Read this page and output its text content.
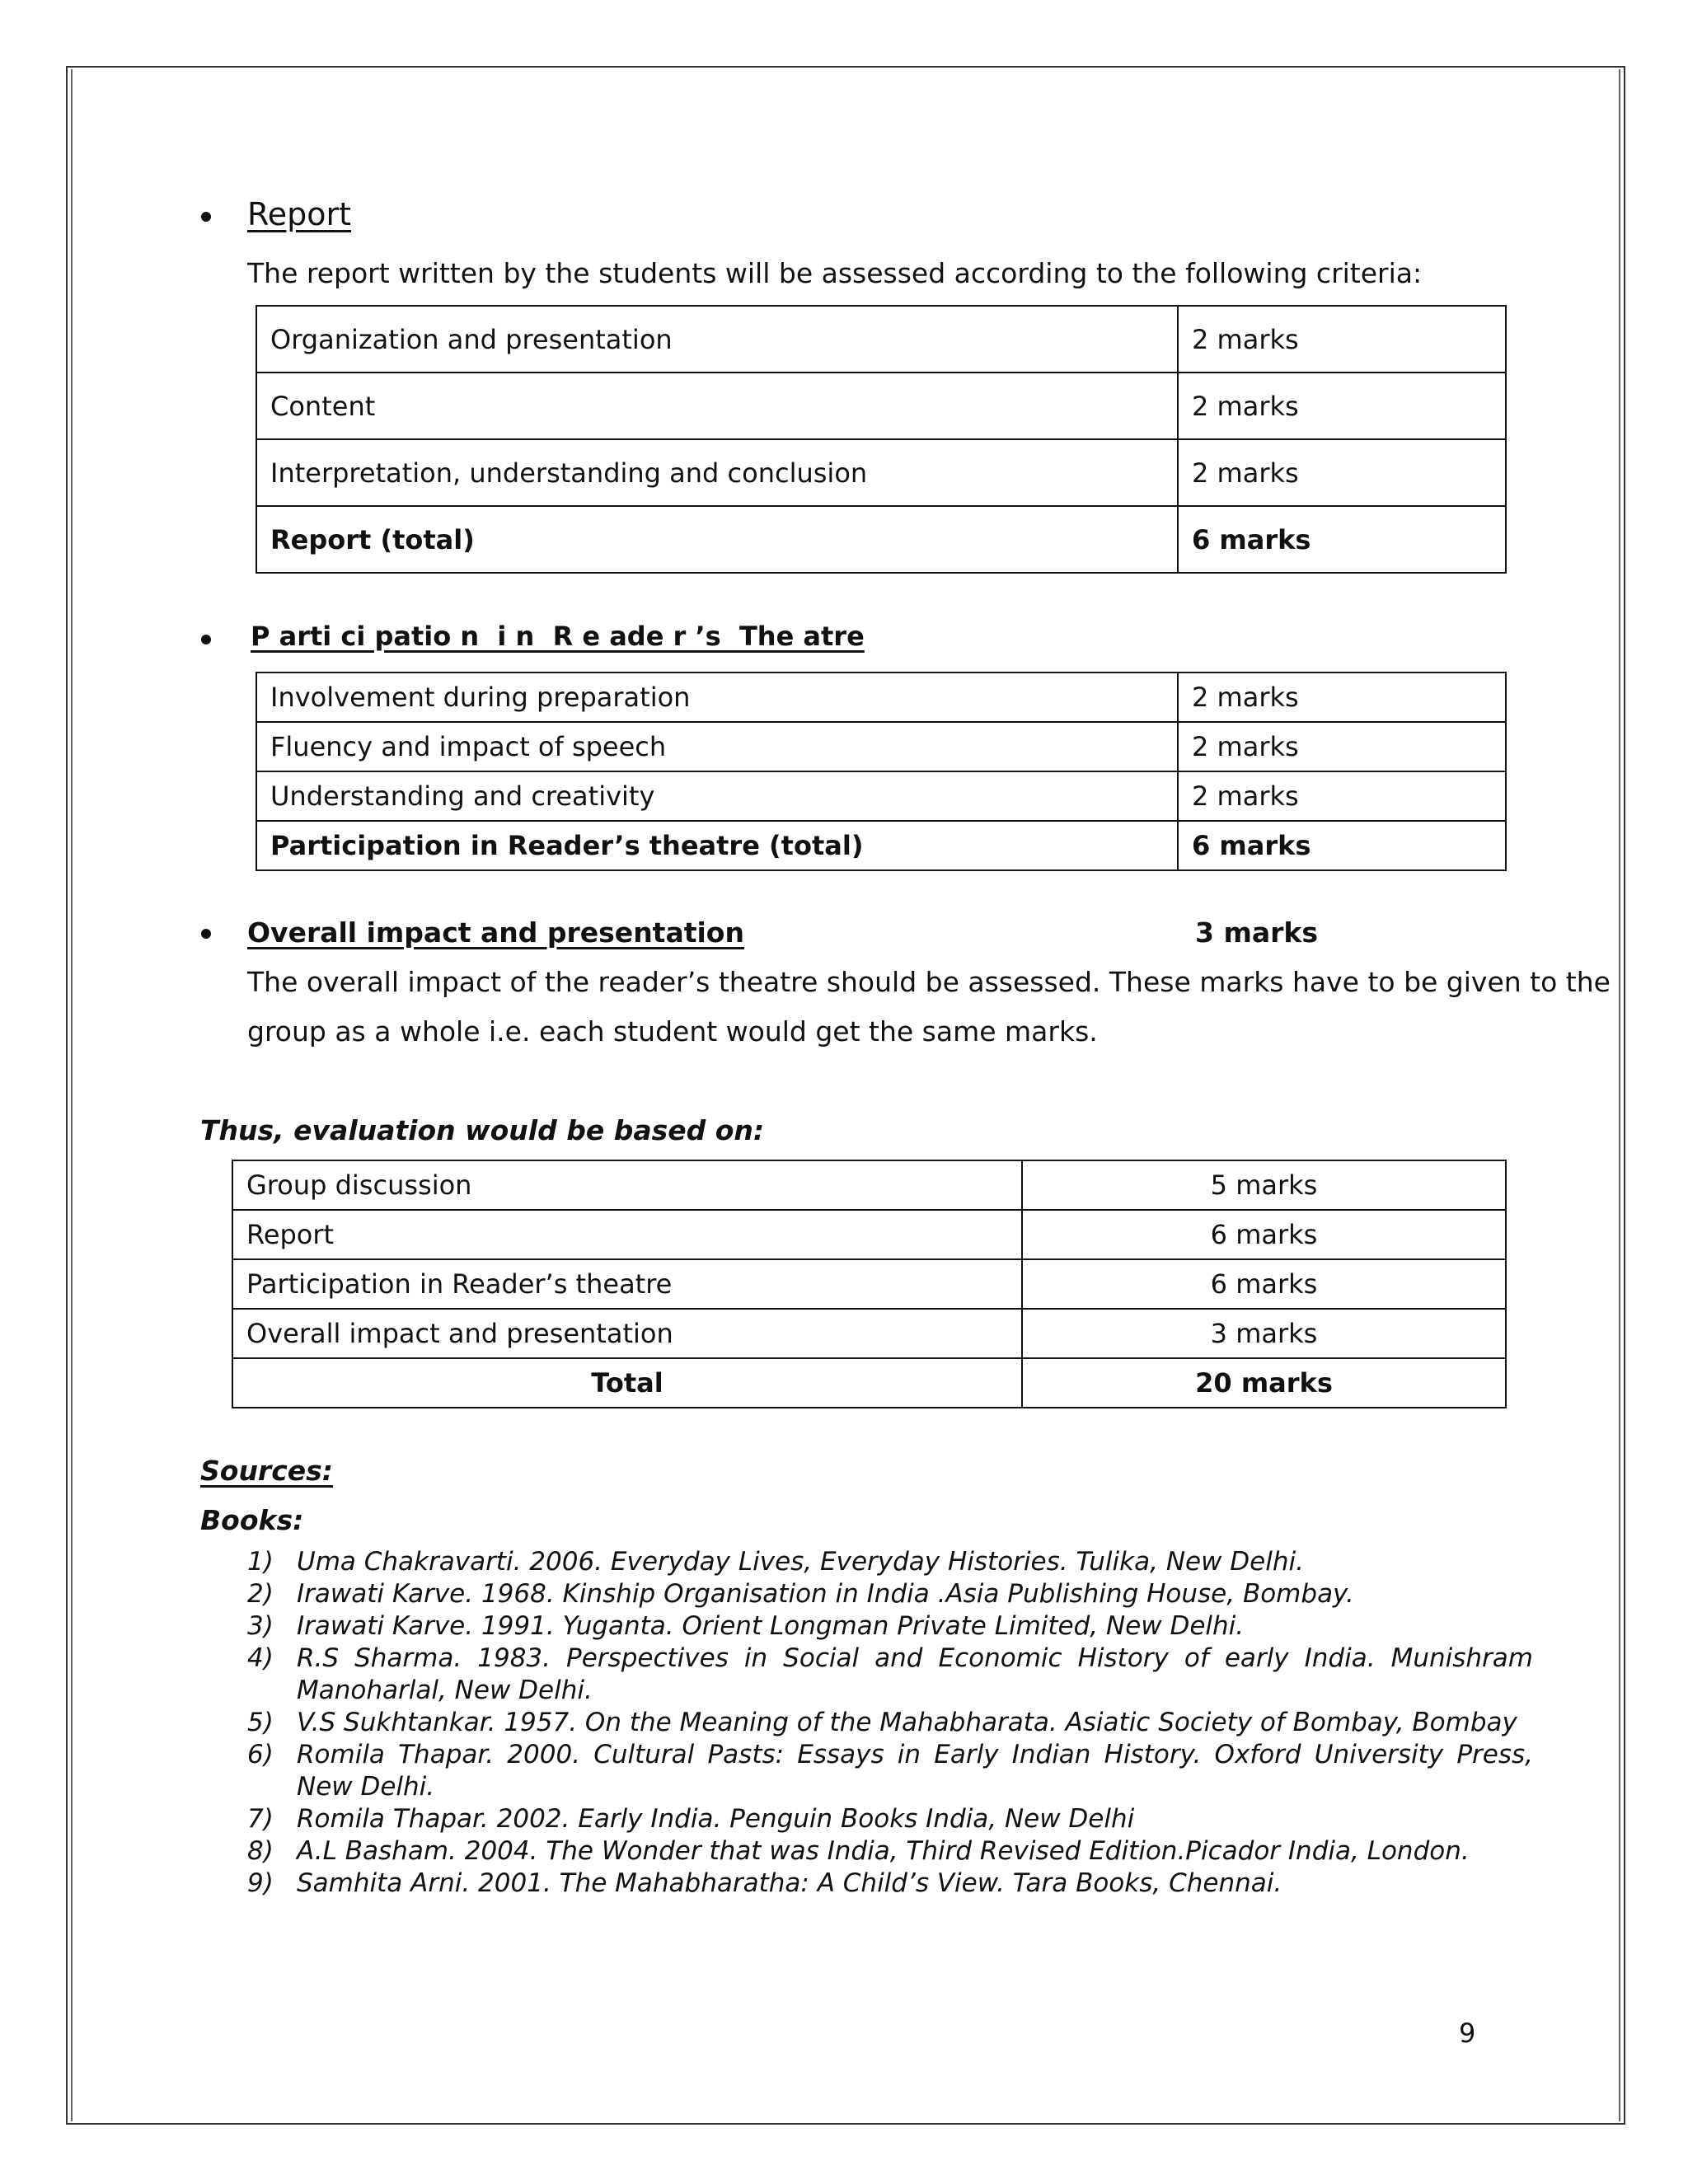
Report
The report written by the students will be assessed according to the following criteria:
Organization and presentation	2 marks
Content	2 marks
Interpretation, understanding and conclusion	2 marks
Report (total)	6 marks
P arti ci patio n  i n  R e ade r ’s  The atre
Involvement during preparation	2 marks
Fluency and impact of speech	2 marks
Understanding and creativity	2 marks
Participation in Reader’s theatre (total)	6 marks
Overall impact and presentation	3 marks
The overall impact of the reader’s theatre should be assessed. These marks have to be given to the
group as a whole i.e. each student would get the same marks.
Thus, evaluation would be based on:
Group discussion	5 marks
Report	6 marks
Participation in Reader’s theatre	6 marks
Overall impact and presentation	3 marks
Total	20 marks
Sources:
Books:
Uma Chakravarti. 2006. Everyday Lives, Everyday Histories. Tulika, New Delhi.
Irawati Karve. 1968. Kinship Organisation in India .Asia Publishing House, Bombay.
Irawati Karve. 1991. Yuganta. Orient Longman Private Limited, New Delhi.
R.S Sharma. 1983. Perspectives in Social and Economic History of early India. Munishram Manoharlal, New Delhi.
V.S Sukhtankar. 1957. On the Meaning of the Mahabharata. Asiatic Society of Bombay, Bombay
Romila Thapar. 2000. Cultural Pasts: Essays in Early Indian History. Oxford University Press, New Delhi.
Romila Thapar. 2002. Early India. Penguin Books India, New Delhi
A.L Basham. 2004. The Wonder that was India, Third Revised Edition.Picador India, London.
Samhita Arni. 2001. The Mahabharatha: A Child’s View. Tara Books, Chennai.
9
